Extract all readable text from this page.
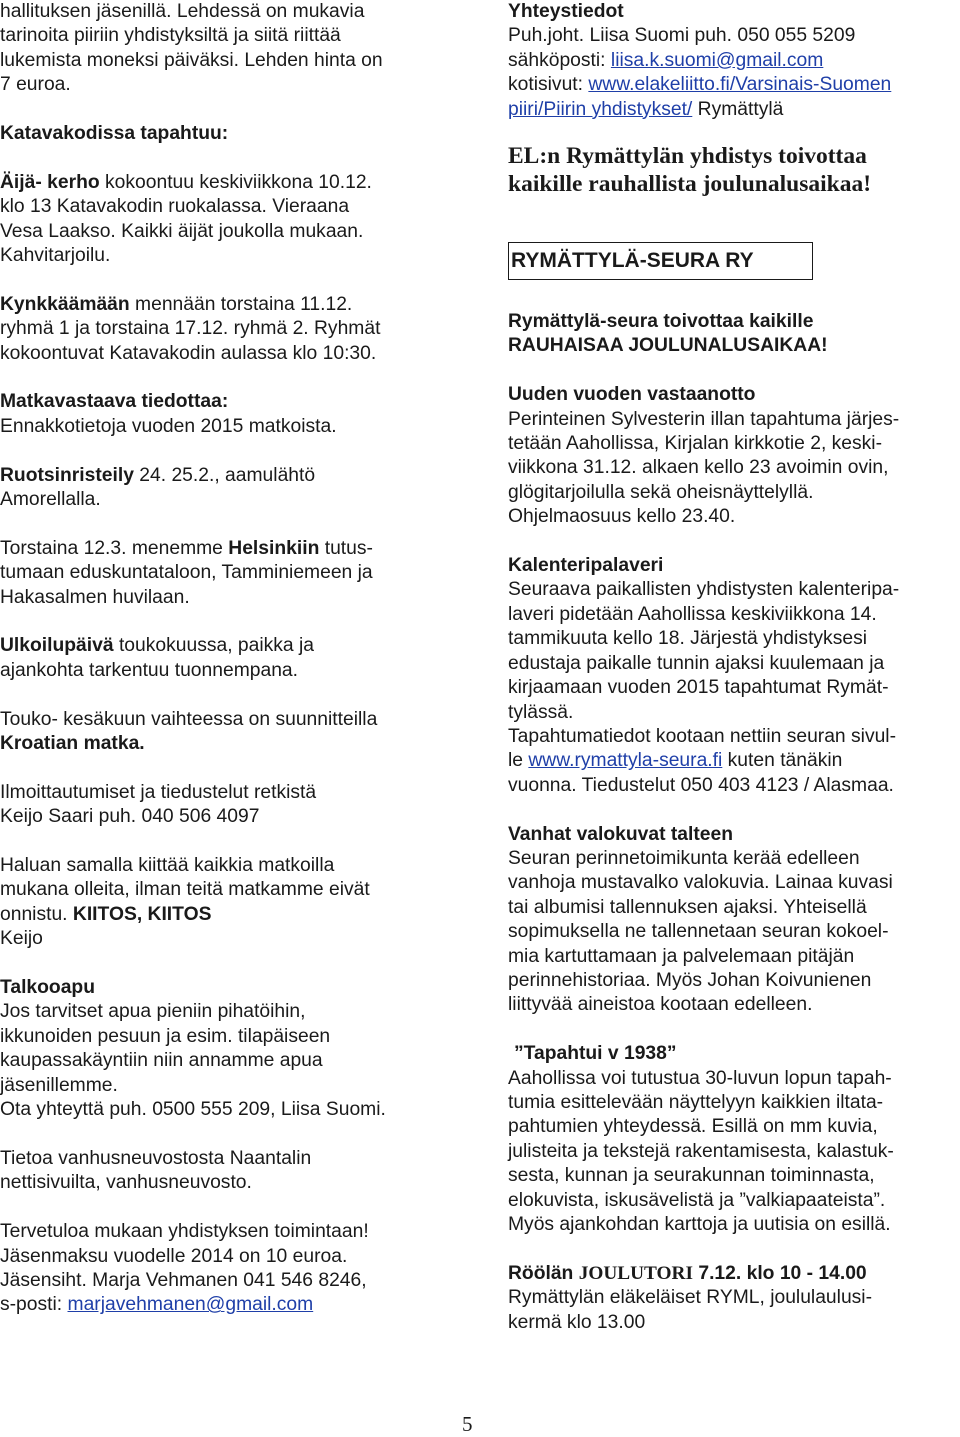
hallituksen jäsenillä. Lehdessä on mukavia
tarinoita piiriin yhdistyksiltä ja siitä riittää
lukemista moneksi päiväksi. Lehden hinta on
7 euroa.
Katavakodissa tapahtuu:
Äijä- kerho kokoontuu keskiviikkona 10.12.
klo 13 Katavakodin ruokalassa. Vieraana
Vesa Laakso. Kaikki äijät joukolla mukaan.
Kahvitarjoilu.
Kynkkäämään mennään torstaina 11.12.
ryhmä 1 ja torstaina 17.12. ryhmä 2. Ryhmät
kokoontuvat Katavakodin aulassa klo 10:30.
Matkavastaava tiedottaa:
Ennakkotietoja vuoden 2015 matkoista.
Ruotsinristeily 24. 25.2., aamulähtö
Amorellalla.
Torstaina 12.3. menemme Helsinkiin tutus-
tumaan eduskuntataloon, Tamminiemeen ja
Hakasalmen huvilaan.
Ulkoilupäivä toukokuussa, paikka ja
ajankohta tarkentuu tuonnempana.
Touko- kesäkuun vaihteessa on suunnitteilla
Kroatian matka.
Ilmoittautumiset ja tiedustelut retkistä
Keijo Saari puh. 040 506 4097
Haluan samalla kiittää kaikkia matkoilla
mukana olleita, ilman teitä matkamme eivät
onnistu. KIITOS, KIITOS
Keijo
Talkooapu
Jos tarvitset apua pieniin pihatöihin,
ikkunoiden pesuun ja esim. tilapäiseen
kaupassakäyntiin niin annamme apua
jäsenillemme.
Ota yhteyttä puh. 0500 555 209, Liisa Suomi.
Tietoa vanhusneuvostosta Naantalin
nettisivuilta, vanhusneuvosto.
Tervetuloa mukaan yhdistyksen toimintaan!
Jäsenmaksu vuodelle 2014 on 10 euroa.
Jäsensiht. Marja Vehmanen 041 546 8246,
s-posti: marjavehmanen@gmail.com
Yhteystiedot
Puh.joht. Liisa Suomi puh. 050 055 5209
sähköposti: liisa.k.suomi@gmail.com
kotisivut: www.elakeliitto.fi/Varsinais-Suomen
piiri/Piirin yhdistykset/ Rymättylä
EL:n Rymättylän yhdistys toivottaa
kaikille rauhallista joulunalusaikaa!
RYMÄTTYLÄ-SEURA RY
Rymättylä-seura toivottaa kaikille
RAUHAISAA JOULUNALUSAIKAA!
Uuden vuoden vastaanotto
Perinteinen Sylvesterin illan tapahtuma järjes-
tetään Aahollissa, Kirjalan kirkkotie 2, keski-
viikkona 31.12. alkaen kello 23 avoimin ovin,
glögitarjoilulla sekä oheisnäyttelyllä.
Ohjelmaosuus kello 23.40.
Kalenteripalaveri
Seuraava paikallisten yhdistysten kalenteripa-
laveri pidetään Aahollissa keskiviikkona 14.
tammikuuta kello 18. Järjestä yhdistyksesi
edustaja paikalle tunnin ajaksi kuulemaan ja
kirjaamaan vuoden 2015 tapahtumat Rymät-
tylässä.
Tapahtumatiedot kootaan nettiin seuran sivul-
le www.rymattyla-seura.fi kuten tänäkin
vuonna. Tiedustelut 050 403 4123 / Alasmaa.
Vanhat valokuvat talteen
Seuran perinnetoimikunta kerää edelleen
vanhoja mustavalko valokuvia. Lainaa kuvasi
tai albumisi tallennuksen ajaksi. Yhteisellä
sopimuksella ne tallennetaan seuran kokoel-
mia kartuttamaan ja palvelemaan pitäjän
perinnehistoriaa. Myös Johan Koivunienen
liittyvää aineistoa kootaan edelleen.
”Tapahtui v 1938”
Aahollissa voi tutustua 30-luvun lopun tapah-
tumia esittelevään näyttelyyn kaikkien iltata-
pahtumien yhteydessä. Esillä on mm kuvia,
julisteita ja tekstejä rakentamisesta, kalastuk-
sesta, kunnan ja seurakunnan toiminnasta,
elokuvista, iskusävelistä ja ”valkiapaateista”.
Myös ajankohdan karttoja ja uutisia on esillä.
Röölän JOULUTORI 7.12. klo 10 - 14.00
Rymättylän eläkeläiset RYML, joululaulusi-
kermä klo 13.00
5
